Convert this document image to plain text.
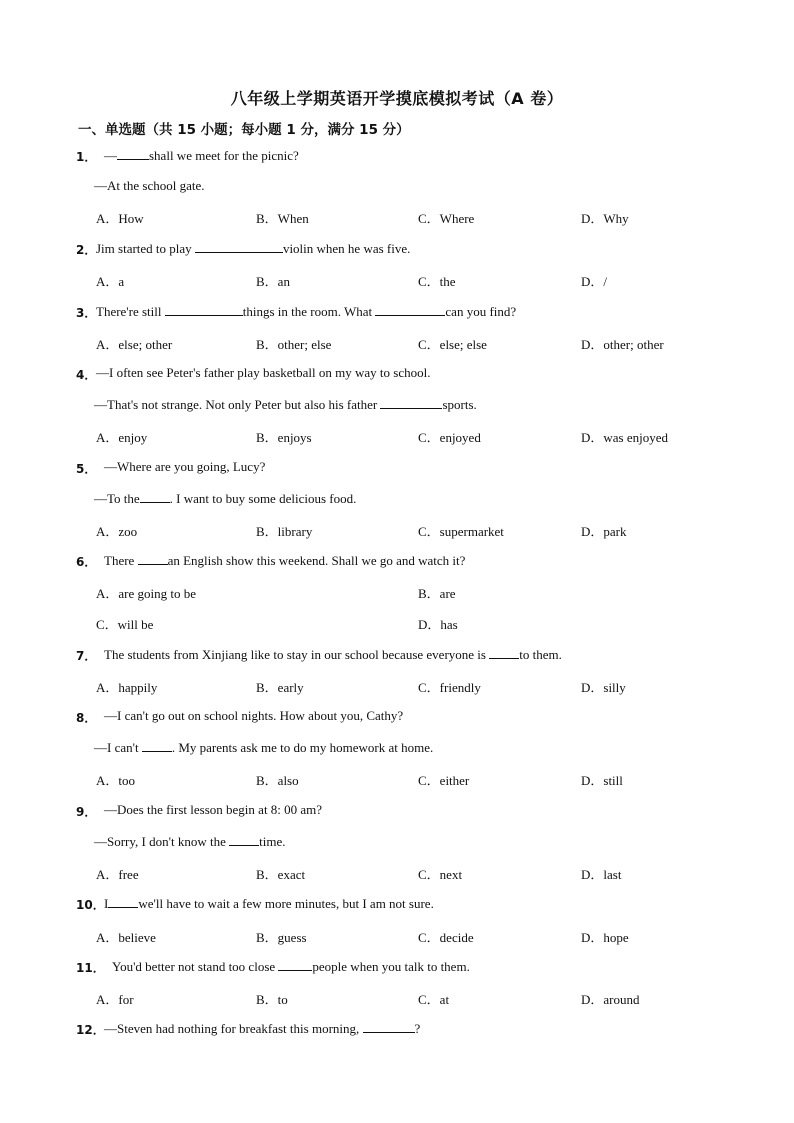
八年级上学期英语开学摸底模拟考试（A 卷）
一、单选题（共 15 小题；每小题 1 分，满分 15 分）
1． — shall we meet for the picnic?
—At the school gate.
A．How	B．When	C．Where	D．Why
2． Jim started to play	violin when he was five.
A．a	B．an	C．the	D．/
3． There're still	things in the room. What	can you find?
A．else; other	B．other; else	C．else; else	D．other; other
4． —I often see Peter's father play basketball on my way to school.
—That's not strange. Not only Peter but also his father	sports.
A．enjoy	B．enjoys	C．enjoyed	D．was enjoyed
5． —Where are you going, Lucy?
—To the . I want to buy some delicious food.
A．zoo	B．library	C．supermarket	D．park
6． There an English show this weekend. Shall we go and watch it?
A．are going to be	B．are
C．will be	D．has
7． The students from Xinjiang like to stay in our school because everyone is to them.
A．happily	B．early	C．friendly	D．silly
8． —I can't go out on school nights. How about you, Cathy?
—I can't . My parents ask me to do my homework at home.
A．too	B．also	C．either	D．still
9． —Does the first lesson begin at 8: 00 am?
—Sorry, I don't know the time.
A．free	B．exact	C．next	D．last
10． I we'll have to wait a few more minutes, but I am not sure.
A．believe	B．guess	C．decide	D．hope
11． You'd better not stand too close	people when you talk to them.
A．for	B．to	C．at	D．around
12． —Steven had nothing for breakfast this morning,	?
